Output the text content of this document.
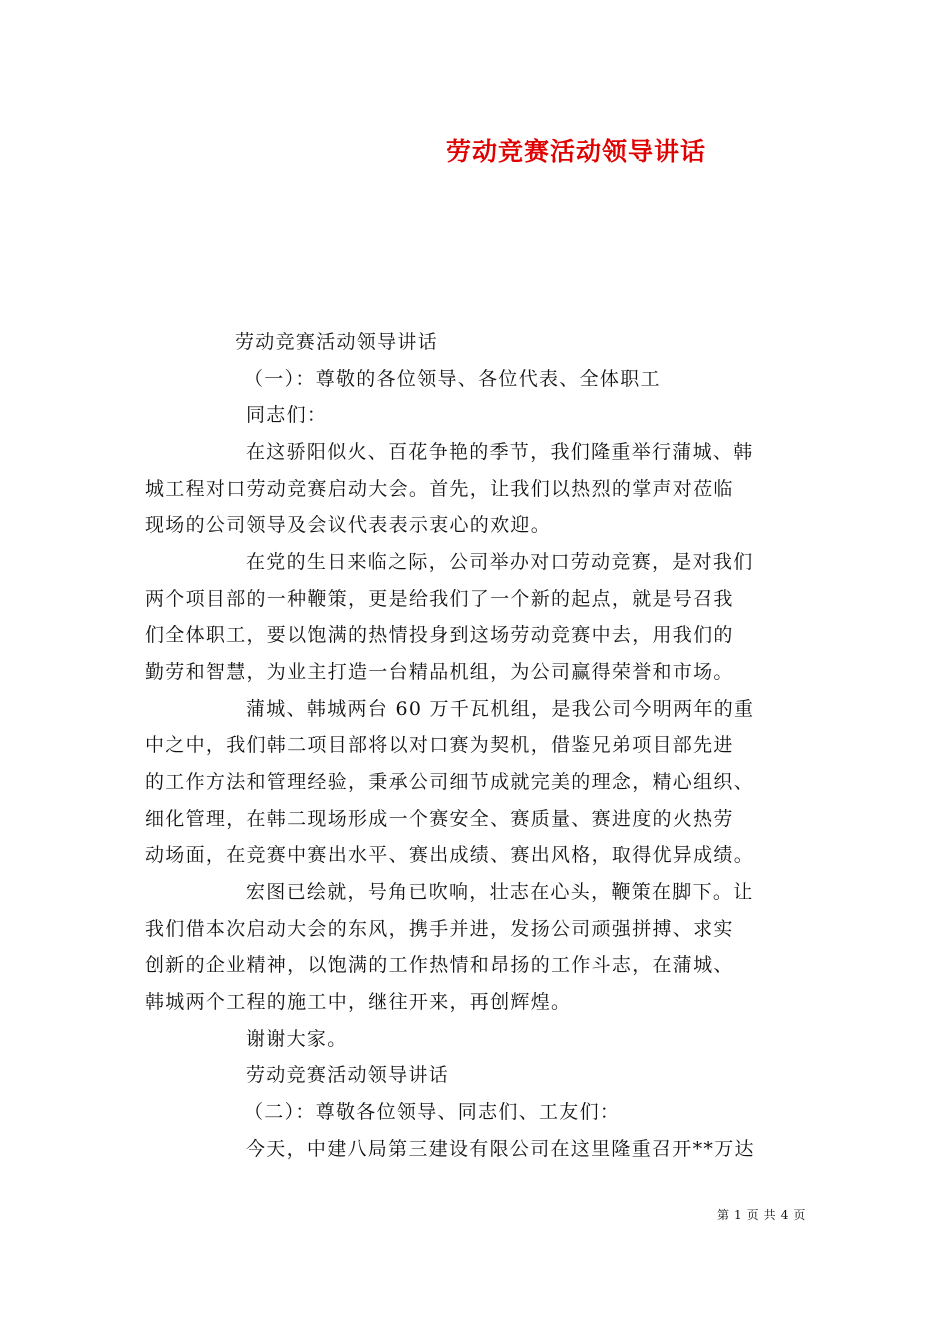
劳动竞赛活动领导讲话
劳动竞赛活动领导讲话
（一）：尊敬的各位领导、各位代表、全体职工
同志们：
在这骄阳似火、百花争艳的季节，我们隆重举行蒲城、韩
城工程对口劳动竞赛启动大会。首先，让我们以热烈的掌声对莅临
现场的公司领导及会议代表表示衷心的欢迎。
在党的生日来临之际，公司举办对口劳动竞赛，是对我们
两个项目部的一种鞭策，更是给我们了一个新的起点，就是号召我
们全体职工，要以饱满的热情投身到这场劳动竞赛中去，用我们的
勤劳和智慧，为业主打造一台精品机组，为公司赢得荣誉和市场。
蒲城、韩城两台 60 万千瓦机组，是我公司今明两年的重
中之中，我们韩二项目部将以对口赛为契机，借鉴兄弟项目部先进
的工作方法和管理经验，秉承公司细节成就完美的理念，精心组织、
细化管理，在韩二现场形成一个赛安全、赛质量、赛进度的火热劳
动场面，在竞赛中赛出水平、赛出成绩、赛出风格，取得优异成绩。
宏图已绘就，号角已吹响，壮志在心头，鞭策在脚下。让
我们借本次启动大会的东风，携手并进，发扬公司顽强拼搏、求实
创新的企业精神，以饱满的工作热情和昂扬的工作斗志，在蒲城、
韩城两个工程的施工中，继往开来，再创辉煌。
谢谢大家。
劳动竞赛活动领导讲话
（二）：尊敬各位领导、同志们、工友们：
今天，中建八局第三建设有限公司在这里隆重召开**万达
第 1 页 共 4 页
